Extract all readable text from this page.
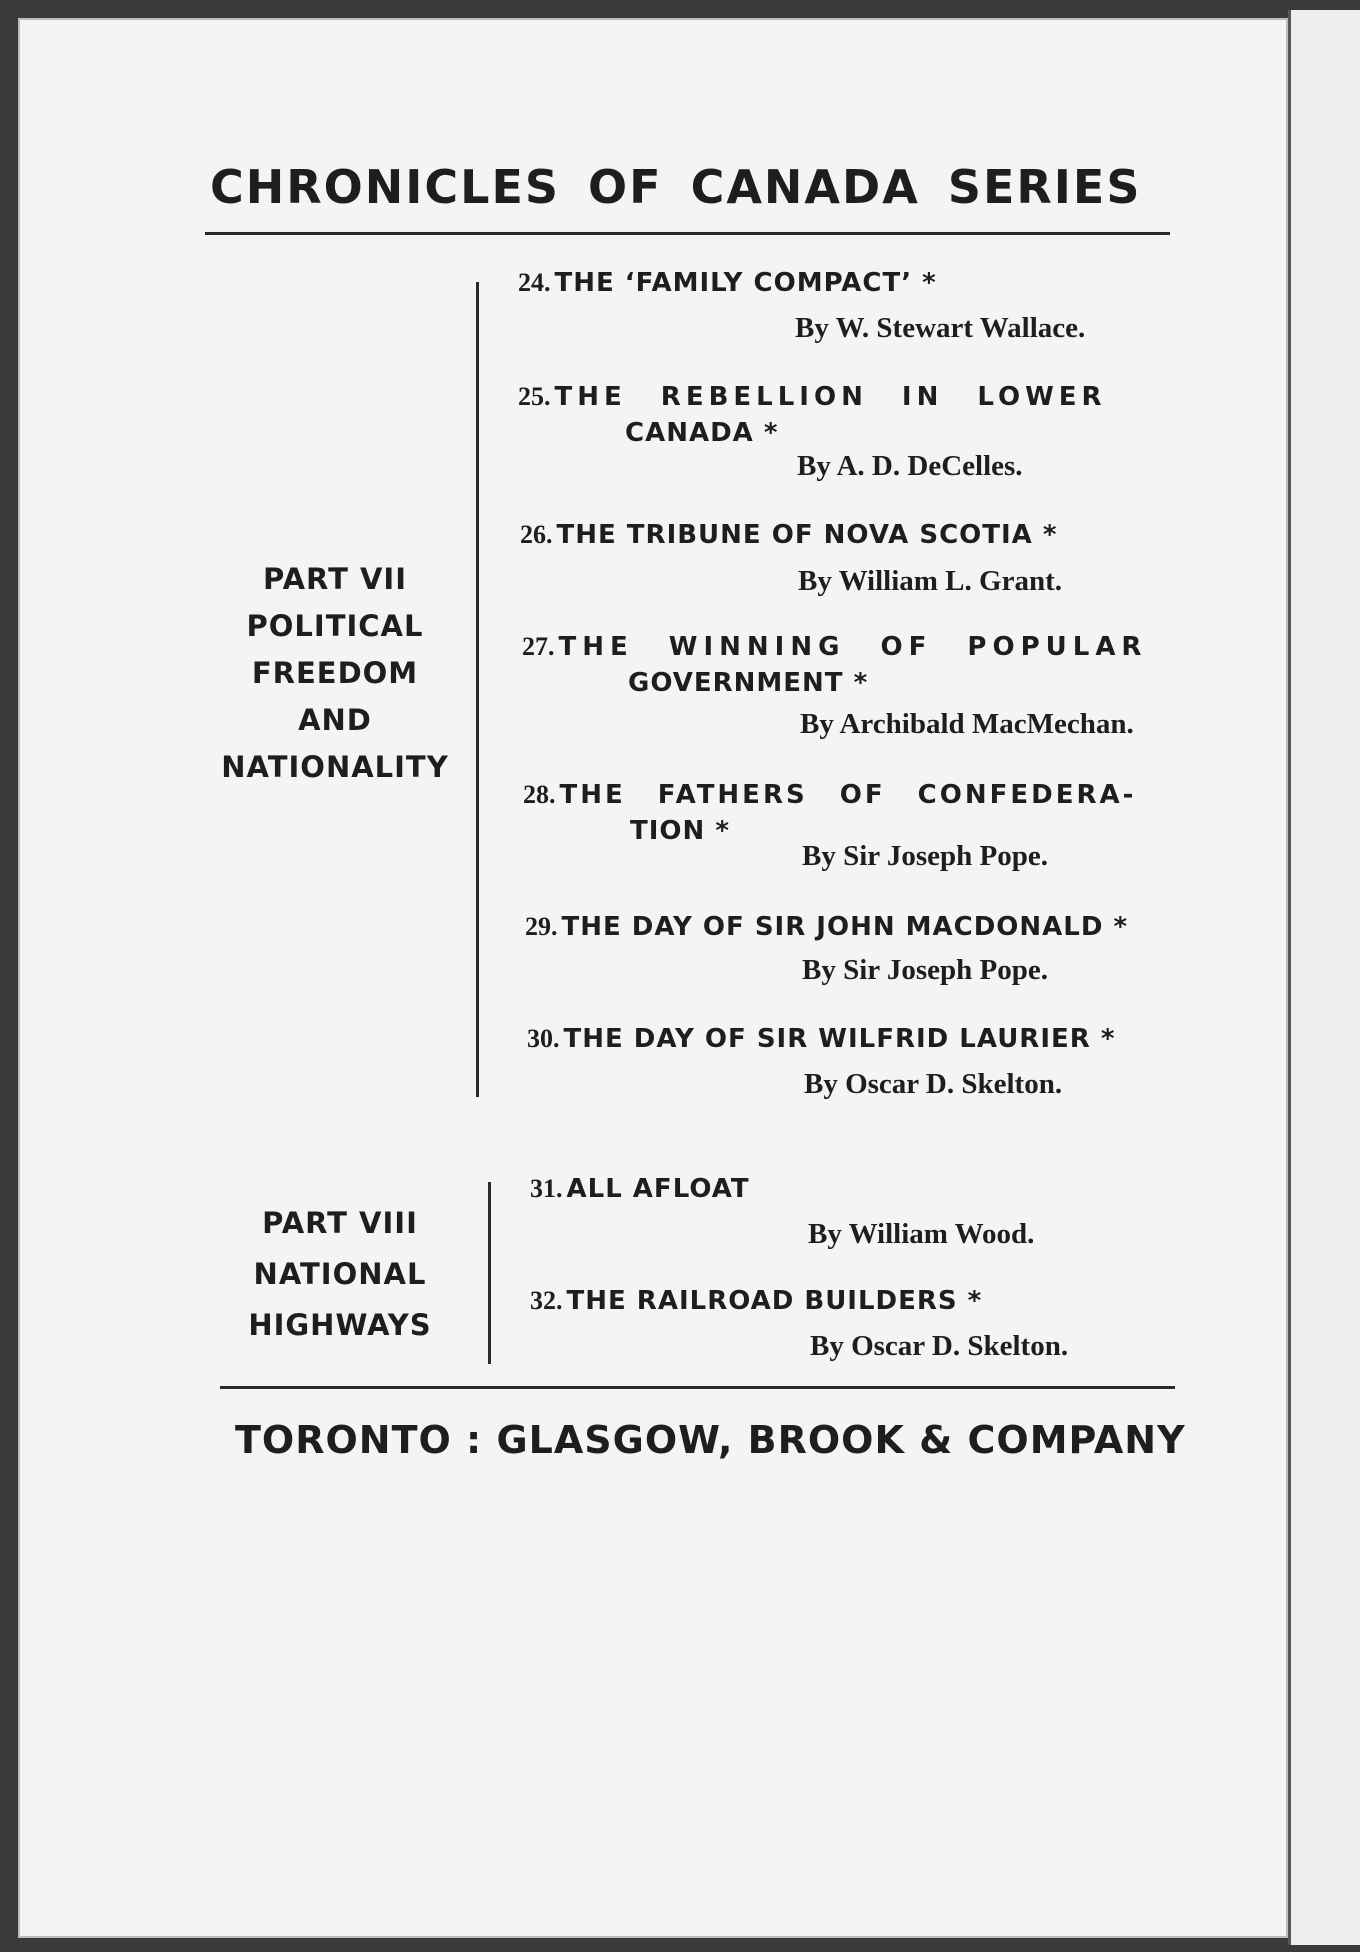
CHRONICLES OF CANADA SERIES
PART VII
POLITICAL
FREEDOM
AND
NATIONALITY
24. THE ‘FAMILY COMPACT’ *
By W. Stewart Wallace.
25. THE REBELLION IN LOWER
CANADA *
By A. D. DeCelles.
26. THE TRIBUNE OF NOVA SCOTIA *
By William L. Grant.
27. THE WINNING OF POPULAR
GOVERNMENT *
By Archibald MacMechan.
28. THE FATHERS OF CONFEDERA-
TION *
By Sir Joseph Pope.
29. THE DAY OF SIR JOHN MACDONALD *
By Sir Joseph Pope.
30. THE DAY OF SIR WILFRID LAURIER *
By Oscar D. Skelton.
PART VIII
NATIONAL
HIGHWAYS
31. ALL AFLOAT
By William Wood.
32. THE RAILROAD BUILDERS *
By Oscar D. Skelton.
TORONTO : GLASGOW, BROOK & COMPANY
